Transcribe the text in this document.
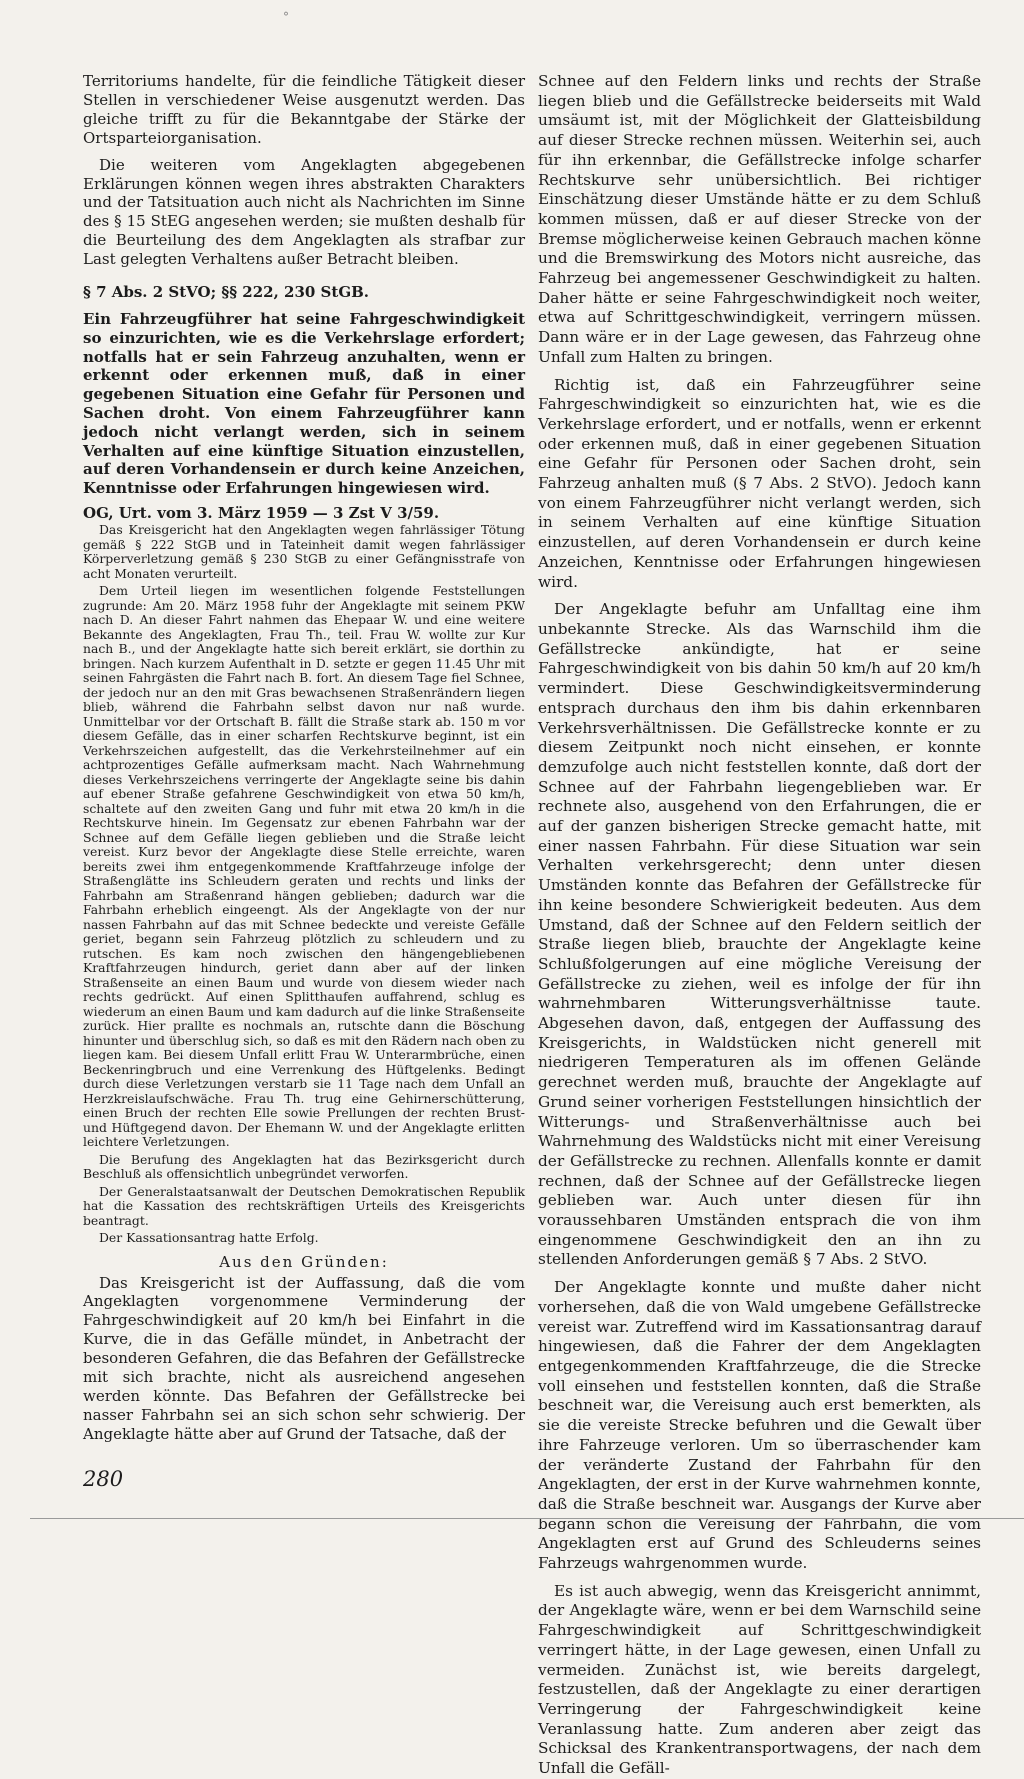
°

Territoriums handelte, für die feindliche Tätigkeit dieser Stellen in verschiedener Weise ausgenutzt werden. Das gleiche trifft zu für die Bekanntgabe der Stärke der Ortsparteiorganisation.

Die weiteren vom Angeklagten abgegebenen Erklärungen können wegen ihres abstrakten Charakters und der Tatsituation auch nicht als Nachrichten im Sinne des § 15 StEG angesehen werden; sie mußten deshalb für die Beurteilung des dem Angeklagten als strafbar zur Last gelegten Verhaltens außer Betracht bleiben.

§ 7 Abs. 2 StVO; §§ 222, 230 StGB.

Ein Fahrzeugführer hat seine Fahrgeschwindigkeit so einzurichten, wie es die Verkehrslage erfordert; notfalls hat er sein Fahrzeug anzuhalten, wenn er erkennt oder erkennen muß, daß in einer gegebenen Situation eine Gefahr für Personen und Sachen droht. Von einem Fahrzeugführer kann jedoch nicht verlangt werden, sich in seinem Verhalten auf eine künftige Situation einzustellen, auf deren Vorhandensein er durch keine Anzeichen, Kenntnisse oder Erfahrungen hingewiesen wird.

OG, Urt. vom 3. März 1959 — 3 Zst V 3/59.

Das Kreisgericht hat den Angeklagten wegen fahrlässiger Tötung gemäß § 222 StGB und in Tateinheit damit wegen fahrlässiger Körperverletzung gemäß § 230 StGB zu einer Gefängnisstrafe von acht Monaten verurteilt.

Dem Urteil liegen im wesentlichen folgende Feststellungen zugrunde: Am 20. März 1958 fuhr der Angeklagte mit seinem PKW nach D. An dieser Fahrt nahmen das Ehepaar W. und eine weitere Bekannte des Angeklagten, Frau Th., teil. Frau W. wollte zur Kur nach B., und der Angeklagte hatte sich bereit erklärt, sie dorthin zu bringen. Nach kurzem Aufenthalt in D. setzte er gegen 11.45 Uhr mit seinen Fahrgästen die Fahrt nach B. fort. An diesem Tage fiel Schnee, der jedoch nur an den mit Gras bewachsenen Straßenrändern liegen blieb, während die Fahrbahn selbst davon nur naß wurde. Unmittelbar vor der Ortschaft B. fällt die Straße stark ab. 150 m vor diesem Gefälle, das in einer scharfen Rechtskurve beginnt, ist ein Verkehrszeichen aufgestellt, das die Verkehrsteilnehmer auf ein achtprozentiges Gefälle aufmerksam macht. Nach Wahrnehmung dieses Verkehrszeichens verringerte der Angeklagte seine bis dahin auf ebener Straße gefahrene Geschwindigkeit von etwa 50 km/h, schaltete auf den zweiten Gang und fuhr mit etwa 20 km/h in die Rechtskurve hinein. Im Gegensatz zur ebenen Fahrbahn war der Schnee auf dem Gefälle liegen geblieben und die Straße leicht vereist. Kurz bevor der Angeklagte diese Stelle erreichte, waren bereits zwei ihm entgegenkommende Kraftfahrzeuge infolge der Straßenglätte ins Schleudern geraten und rechts und links der Fahrbahn am Straßenrand hängen geblieben; dadurch war die Fahrbahn erheblich eingeengt. Als der Angeklagte von der nur nassen Fahrbahn auf das mit Schnee bedeckte und vereiste Gefälle geriet, begann sein Fahrzeug plötzlich zu schleudern und zu rutschen. Es kam noch zwischen den hängengebliebenen Kraftfahrzeugen hindurch, geriet dann aber auf der linken Straßenseite an einen Baum und wurde von diesem wieder nach rechts gedrückt. Auf einen Splitthaufen auffahrend, schlug es wiederum an einen Baum und kam dadurch auf die linke Straßenseite zurück. Hier prallte es nochmals an, rutschte dann die Böschung hinunter und überschlug sich, so daß es mit den Rädern nach oben zu liegen kam. Bei diesem Unfall erlitt Frau W. Unterarmbrüche, einen Beckenringbruch und eine Verrenkung des Hüftgelenks. Bedingt durch diese Verletzungen verstarb sie 11 Tage nach dem Unfall an Herzkreislaufschwäche. Frau Th. trug eine Gehirnerschütterung, einen Bruch der rechten Elle sowie Prellungen der rechten Brust- und Hüftgegend davon. Der Ehemann W. und der Angeklagte erlitten leichtere Verletzungen.

Die Berufung des Angeklagten hat das Bezirksgericht durch Beschluß als offensichtlich unbegründet verworfen.

Der Generalstaatsanwalt der Deutschen Demokratischen Republik hat die Kassation des rechtskräftigen Urteils des Kreisgerichts beantragt.

Der Kassationsantrag hatte Erfolg.

Aus den Gründen:

Das Kreisgericht ist der Auffassung, daß die vom Angeklagten vorgenommene Verminderung der Fahrgeschwindigkeit auf 20 km/h bei Einfahrt in die Kurve, die in das Gefälle mündet, in Anbetracht der besonderen Gefahren, die das Befahren der Gefällstrecke mit sich brachte, nicht als ausreichend angesehen werden könnte. Das Befahren der Gefällstrecke bei nasser Fahrbahn sei an sich schon sehr schwierig. Der Angeklagte hätte aber auf Grund der Tatsache, daß der

Schnee auf den Feldern links und rechts der Straße liegen blieb und die Gefällstrecke beiderseits mit Wald umsäumt ist, mit der Möglichkeit der Glatteisbildung auf dieser Strecke rechnen müssen. Weiterhin sei, auch für ihn erkennbar, die Gefällstrecke infolge scharfer Rechtskurve sehr unübersichtlich. Bei richtiger Einschätzung dieser Umstände hätte er zu dem Schluß kommen müssen, daß er auf dieser Strecke von der Bremse möglicherweise keinen Gebrauch machen könne und die Bremswirkung des Motors nicht ausreiche, das Fahrzeug bei angemessener Geschwindigkeit zu halten. Daher hätte er seine Fahrgeschwindigkeit noch weiter, etwa auf Schrittgeschwindigkeit, verringern müssen. Dann wäre er in der Lage gewesen, das Fahrzeug ohne Unfall zum Halten zu bringen.

Richtig ist, daß ein Fahrzeugführer seine Fahrgeschwindigkeit so einzurichten hat, wie es die Verkehrslage erfordert, und er notfalls, wenn er erkennt oder erkennen muß, daß in einer gegebenen Situation eine Gefahr für Personen oder Sachen droht, sein Fahrzeug anhalten muß (§ 7 Abs. 2 StVO). Jedoch kann von einem Fahrzeugführer nicht verlangt werden, sich in seinem Verhalten auf eine künftige Situation einzustellen, auf deren Vorhandensein er durch keine Anzeichen, Kenntnisse oder Erfahrungen hingewiesen wird.

Der Angeklagte befuhr am Unfalltag eine ihm unbekannte Strecke. Als das Warnschild ihm die Gefällstrecke ankündigte, hat er seine Fahrgeschwindigkeit von bis dahin 50 km/h auf 20 km/h vermindert. Diese Geschwindigkeitsverminderung entsprach durchaus den ihm bis dahin erkennbaren Verkehrsverhältnissen. Die Gefällstrecke konnte er zu diesem Zeitpunkt noch nicht einsehen, er konnte demzufolge auch nicht feststellen konnte, daß dort der Schnee auf der Fahrbahn liegengeblieben war. Er rechnete also, ausgehend von den Erfahrungen, die er auf der ganzen bisherigen Strecke gemacht hatte, mit einer nassen Fahrbahn. Für diese Situation war sein Verhalten verkehrsgerecht; denn unter diesen Umständen konnte das Befahren der Gefällstrecke für ihn keine besondere Schwierigkeit bedeuten. Aus dem Umstand, daß der Schnee auf den Feldern seitlich der Straße liegen blieb, brauchte der Angeklagte keine Schlußfolgerungen auf eine mögliche Vereisung der Gefällstrecke zu ziehen, weil es infolge der für ihn wahrnehmbaren Witterungsverhältnisse taute. Abgesehen davon, daß, entgegen der Auffassung des Kreisgerichts, in Waldstücken nicht generell mit niedrigeren Temperaturen als im offenen Gelände gerechnet werden muß, brauchte der Angeklagte auf Grund seiner vorherigen Feststellungen hinsichtlich der Witterungs- und Straßenverhältnisse auch bei Wahrnehmung des Waldstücks nicht mit einer Vereisung der Gefällstrecke zu rechnen. Allenfalls konnte er damit rechnen, daß der Schnee auf der Gefällstrecke liegen geblieben war. Auch unter diesen für ihn voraussehbaren Umständen entsprach die von ihm eingenommene Geschwindigkeit den an ihn zu stellenden Anforderungen gemäß § 7 Abs. 2 StVO.

Der Angeklagte konnte und mußte daher nicht vorhersehen, daß die von Wald umgebene Gefällstrecke vereist war. Zutreffend wird im Kassationsantrag darauf hingewiesen, daß die Fahrer der dem Angeklagten entgegenkommenden Kraftfahrzeuge, die die Strecke voll einsehen und feststellen konnten, daß die Straße beschneit war, die Vereisung auch erst bemerkten, als sie die vereiste Strecke befuhren und die Gewalt über ihre Fahrzeuge verloren. Um so überraschender kam der veränderte Zustand der Fahrbahn für den Angeklagten, der erst in der Kurve wahrnehmen konnte, daß die Straße beschneit war. Ausgangs der Kurve aber begann schon die Vereisung der Fahrbahn, die vom Angeklagten erst auf Grund des Schleuderns seines Fahrzeugs wahrgenommen wurde.

Es ist auch abwegig, wenn das Kreisgericht annimmt, der Angeklagte wäre, wenn er bei dem Warnschild seine Fahrgeschwindigkeit auf Schrittgeschwindigkeit verringert hätte, in der Lage gewesen, einen Unfall zu vermeiden. Zunächst ist, wie bereits dargelegt, festzustellen, daß der Angeklagte zu einer derartigen Verringerung der Fahrgeschwindigkeit keine Veranlassung hatte. Zum anderen aber zeigt das Schicksal des Krankentransportwagens, der nach dem Unfall die Gefäll-

280
